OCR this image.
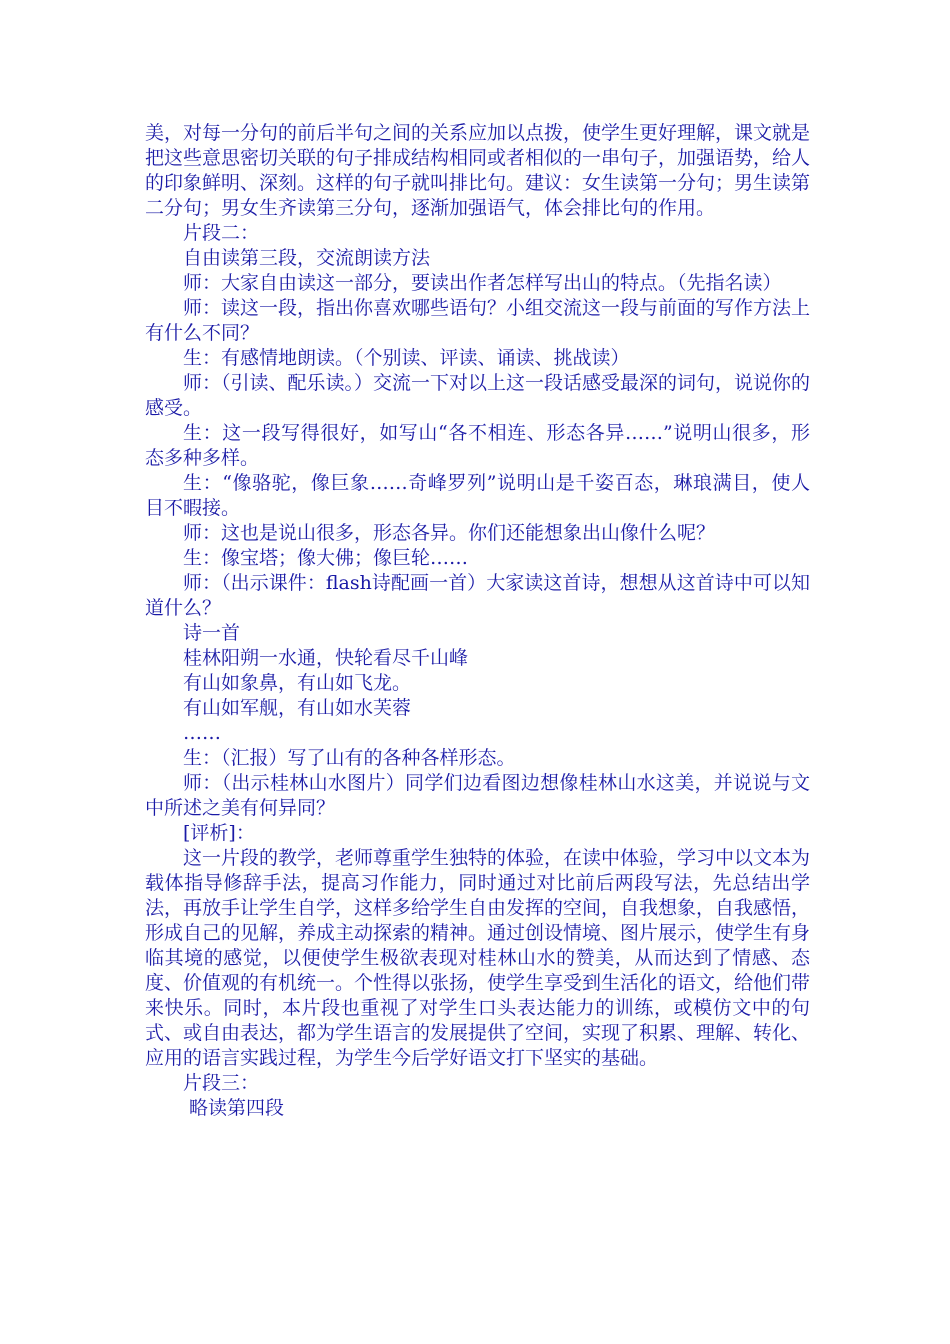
美，对每一分句的前后半句之间的关系应加以点拨，使学生更好理解，课文就是把这些意思密切关联的句子排成结构相同或者相似的一串句子，加强语势，给人的印象鲜明、深刻。这样的句子就叫排比句。建议：女生读第一分句；男生读第二分句；男女生齐读第三分句，逐渐加强语气，体会排比句的作用。

片段二：

自由读第三段，交流朗读方法

师：大家自由读这一部分，要读出作者怎样写出山的特点。（先指名读）

师：读这一段，指出你喜欢哪些语句？小组交流这一段与前面的写作方法上有什么不同？

生：有感情地朗读。（个别读、评读、诵读、挑战读）

师：（引读、配乐读。）交流一下对以上这一段话感受最深的词句，说说你的感受。

生：这一段写得很好，如写山“各不相连、形态各异……”说明山很多，形态多种多样。

生：“像骆驼，像巨象……奇峰罗列”说明山是千姿百态，琳琅满目，使人目不暇接。

师：这也是说山很多，形态各异。你们还能想象出山像什么呢？

生：像宝塔；像大佛；像巨轮……

师：（出示课件：flash诗配画一首）大家读这首诗，想想从这首诗中可以知道什么？

诗一首

桂林阳朔一水通，快轮看尽千山峰

有山如象鼻，有山如飞龙。

有山如军舰，有山如水芙蓉

……

生：（汇报）写了山有的各种各样形态。

师：（出示桂林山水图片）同学们边看图边想像桂林山水这美，并说说与文中所述之美有何异同？

[评析]：

这一片段的教学，老师尊重学生独特的体验，在读中体验，学习中以文本为载体指导修辞手法，提高习作能力，同时通过对比前后两段写法，先总结出学法，再放手让学生自学，这样多给学生自由发挥的空间，自我想象，自我感悟，形成自己的见解，养成主动探索的精神。通过创设情境、图片展示，使学生有身临其境的感觉，以便使学生极欲表现对桂林山水的赞美，从而达到了情感、态度、价值观的有机统一。个性得以张扬，使学生享受到生活化的语文，给他们带来快乐。同时，本片段也重视了对学生口头表达能力的训练，或模仿文中的句式、或自由表达，都为学生语言的发展提供了空间，实现了积累、理解、转化、应用的语言实践过程，为学生今后学好语文打下坚实的基础。

片段三：

略读第四段
